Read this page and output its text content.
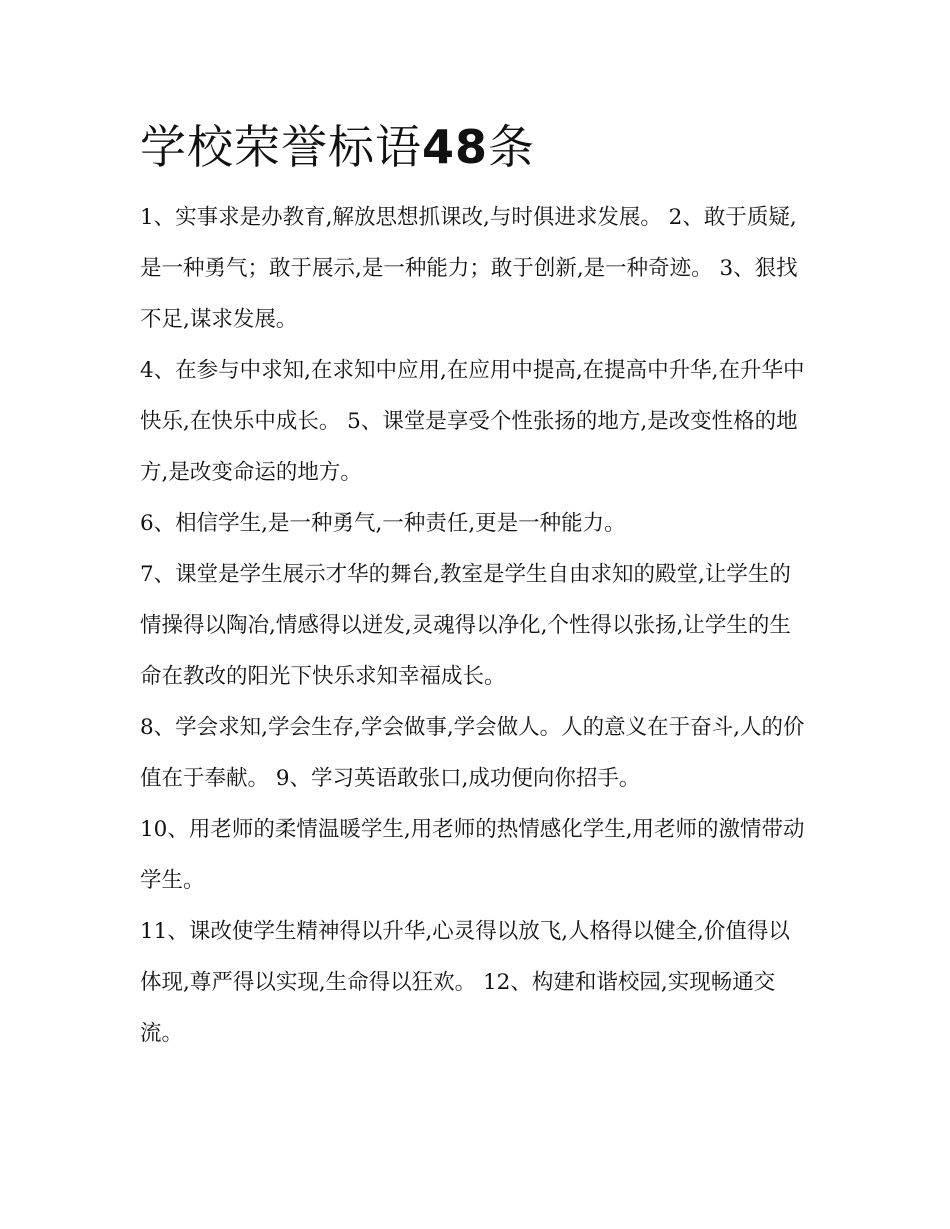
学校荣誉标语48条

1、实事求是办教育,解放思想抓课改,与时俱进求发展。 2、敢于质疑,是一种勇气；敢于展示,是一种能力；敢于创新,是一种奇迹。 3、狠找不足,谋求发展。

4、在参与中求知,在求知中应用,在应用中提高,在提高中升华,在升华中快乐,在快乐中成长。 5、课堂是享受个性张扬的地方,是改变性格的地方,是改变命运的地方。

6、相信学生,是一种勇气,一种责任,更是一种能力。

7、课堂是学生展示才华的舞台,教室是学生自由求知的殿堂,让学生的情操得以陶冶,情感得以迸发,灵魂得以净化,个性得以张扬,让学生的生命在教改的阳光下快乐求知幸福成长。

8、学会求知,学会生存,学会做事,学会做人。人的意义在于奋斗,人的价值在于奉献。 9、学习英语敢张口,成功便向你招手。

10、用老师的柔情温暖学生,用老师的热情感化学生,用老师的激情带动学生。

11、课改使学生精神得以升华,心灵得以放飞,人格得以健全,价值得以体现,尊严得以实现,生命得以狂欢。 12、构建和谐校园,实现畅通交流。
